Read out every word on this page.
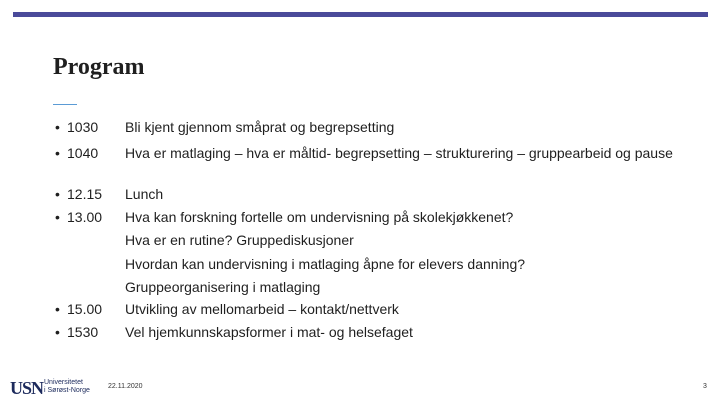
Program
• 1030 Bli kjent gjennom småprat og begrepsetting
• 1040 Hva er matlaging – hva er måltid- begrepsetting – strukturering – gruppearbeid og pause
• 12.15 Lunch
• 13.00 Hva kan forskning fortelle om undervisning på skolekjøkkenet?
Hva er en rutine? Gruppediskusjoner
Hvordan kan undervisning i matlaging åpne for elevers danning?
Gruppeorganisering i matlaging
• 15.00 Utvikling av mellomarbeid – kontakt/nettverk
• 1530 Vel hjemkunnskapsformer i mat- og helsefaget
USN Universitetet
i Sørøst-Norge
22.11.2020	3
